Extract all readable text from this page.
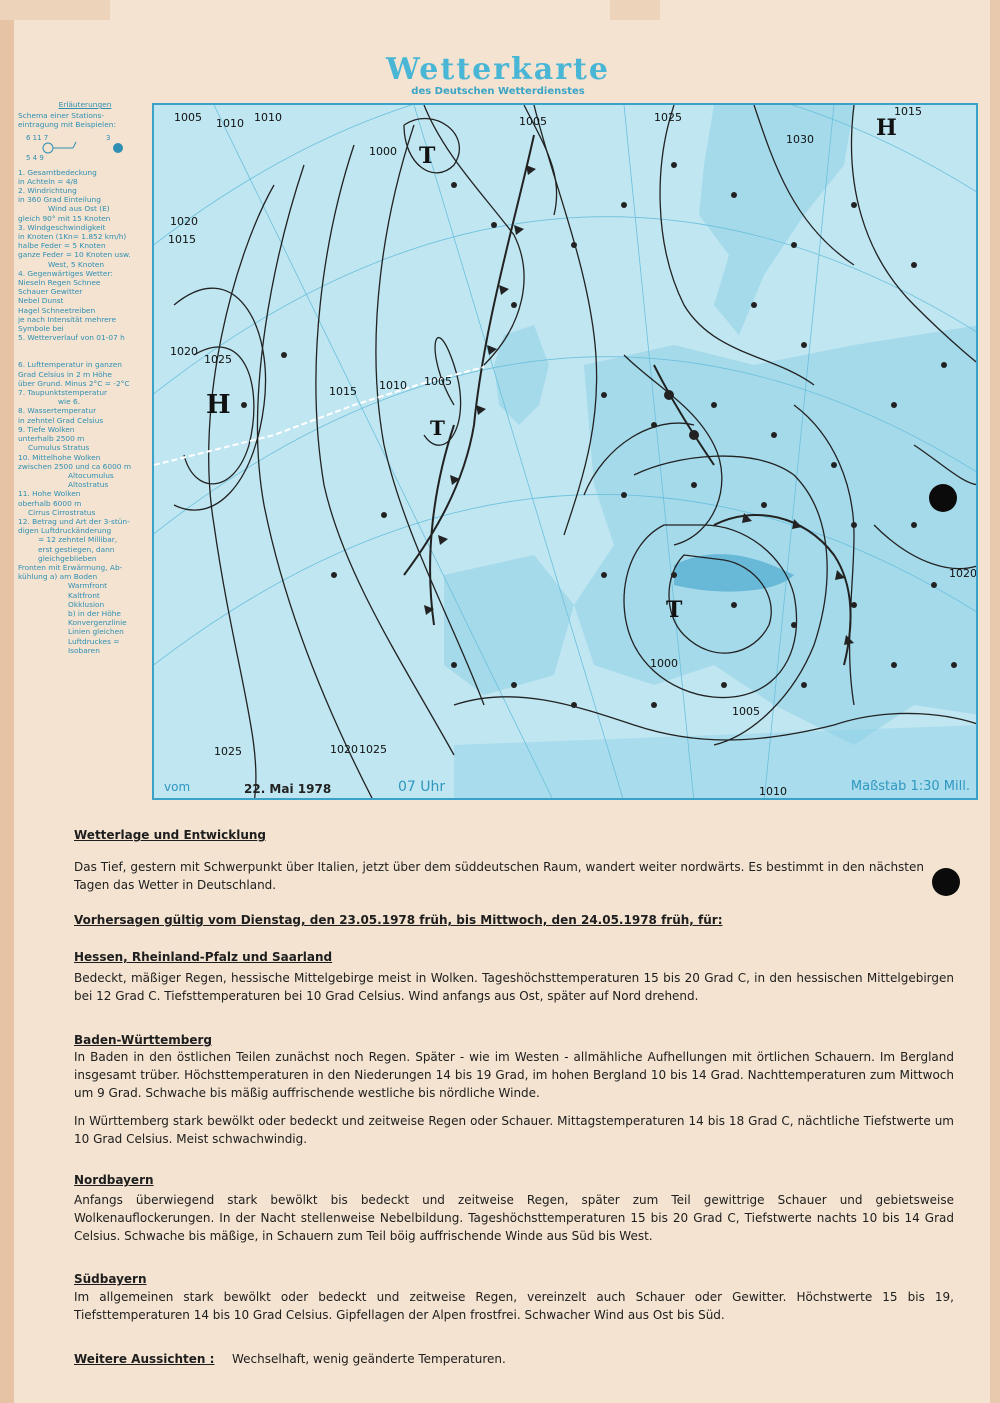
Wetterkarte
des Deutschen Wetterdienstes
Erläuterungen
Schema einer Stations-
eintragung mit Beispielen:
6 11 7
5 4 9
3
1. Gesamtbedeckung
in Achteln = 4/8
2. Windrichtung
in 360 Grad Einteilung
Wind aus Ost (E)
gleich 90° mit 15 Knoten
3. Windgeschwindigkeit
in Knoten (1Kn= 1.852 km/h)
halbe Feder = 5 Knoten
ganze Feder = 10 Knoten usw.
West, 5 Knoten
4. Gegenwärtiges Wetter:
Nieseln Regen Schnee
Schauer Gewitter
Nebel Dunst
Hagel Schneetreiben
je nach Intensität mehrere
Symbole bei
5. Wetterverlauf von 01-07 h
6. Lufttemperatur in ganzen
Grad Celsius in 2 m Höhe
über Grund. Minus 2°C = -2°C
7. Taupunktstemperatur
wie 6.
8. Wassertemperatur
in zehntel Grad Celsius
9. Tiefe Wolken
unterhalb 2500 m
Cumulus Stratus
10. Mittelhohe Wolken
zwischen 2500 und ca 6000 m
Altocumulus
Altostratus
11. Hohe Wolken
oberhalb 6000 m
Cirrus Cirrostratus
12. Betrag und Art der 3-stün-
digen Luftdruckänderung
= 12 zehntel Millibar,
erst gestiegen, dann
gleichgeblieben
Fronten mit Erwärmung, Ab-
kühlung a) am Boden
Warmfront
Kaltfront
Okklusion
b) in der Höhe
Konvergenzlinie
Linien gleichen
Luftdruckes =
Isobaren
H
H
T
T
T
1005 1010 1010
1015
1020
1025
1025
1015 1010 1005
1000
1005
1030
1025
1020
1015
1020
1025
1000
1005
1010
1020
vom	22. Mai 1978	07 Uhr	Maßstab 1:30 Mill.
Wetterlage und Entwicklung
Das Tief, gestern mit Schwerpunkt über Italien, jetzt über dem süddeutschen Raum, wandert weiter nordwärts. Es bestimmt in den nächsten Tagen das Wetter in Deutschland.
Vorhersagen gültig vom Dienstag, den 23.05.1978 früh, bis Mittwoch, den 24.05.1978 früh, für:
Hessen, Rheinland-Pfalz und Saarland
Bedeckt, mäßiger Regen, hessische Mittelgebirge meist in Wolken. Tageshöchsttemperaturen 15 bis 20 Grad C, in den hessischen Mittelgebirgen bei 12 Grad C. Tiefsttemperaturen bei 10 Grad Celsius. Wind anfangs aus Ost, später auf Nord drehend.
Baden-Württemberg
In Baden in den östlichen Teilen zunächst noch Regen. Später - wie im Westen - allmähliche Aufhellungen mit örtlichen Schauern. Im Bergland insgesamt trüber. Höchsttemperaturen in den Niederungen 14 bis 19 Grad, im hohen Bergland 10 bis 14 Grad. Nachttemperaturen zum Mittwoch um 9 Grad. Schwache bis mäßig auffrischende westliche bis nördliche Winde.
In Württemberg stark bewölkt oder bedeckt und zeitweise Regen oder Schauer. Mittagstemperaturen 14 bis 18 Grad C, nächtliche Tiefstwerte um 10 Grad Celsius. Meist schwachwindig.
Nordbayern
Anfangs überwiegend stark bewölkt bis bedeckt und zeitweise Regen, später zum Teil gewittrige Schauer und gebietsweise Wolkenauflockerungen. In der Nacht stellenweise Nebelbildung. Tageshöchsttemperaturen 15 bis 20 Grad C, Tiefstwerte nachts 10 bis 14 Grad Celsius. Schwache bis mäßige, in Schauern zum Teil böig auffrischende Winde aus Süd bis West.
Südbayern
Im allgemeinen stark bewölkt oder bedeckt und zeitweise Regen, vereinzelt auch Schauer oder Gewitter. Höchstwerte 15 bis 19, Tiefsttemperaturen 14 bis 10 Grad Celsius. Gipfellagen der Alpen frostfrei. Schwacher Wind aus Ost bis Süd.
Weitere Aussichten : Wechselhaft, wenig geänderte Temperaturen.
